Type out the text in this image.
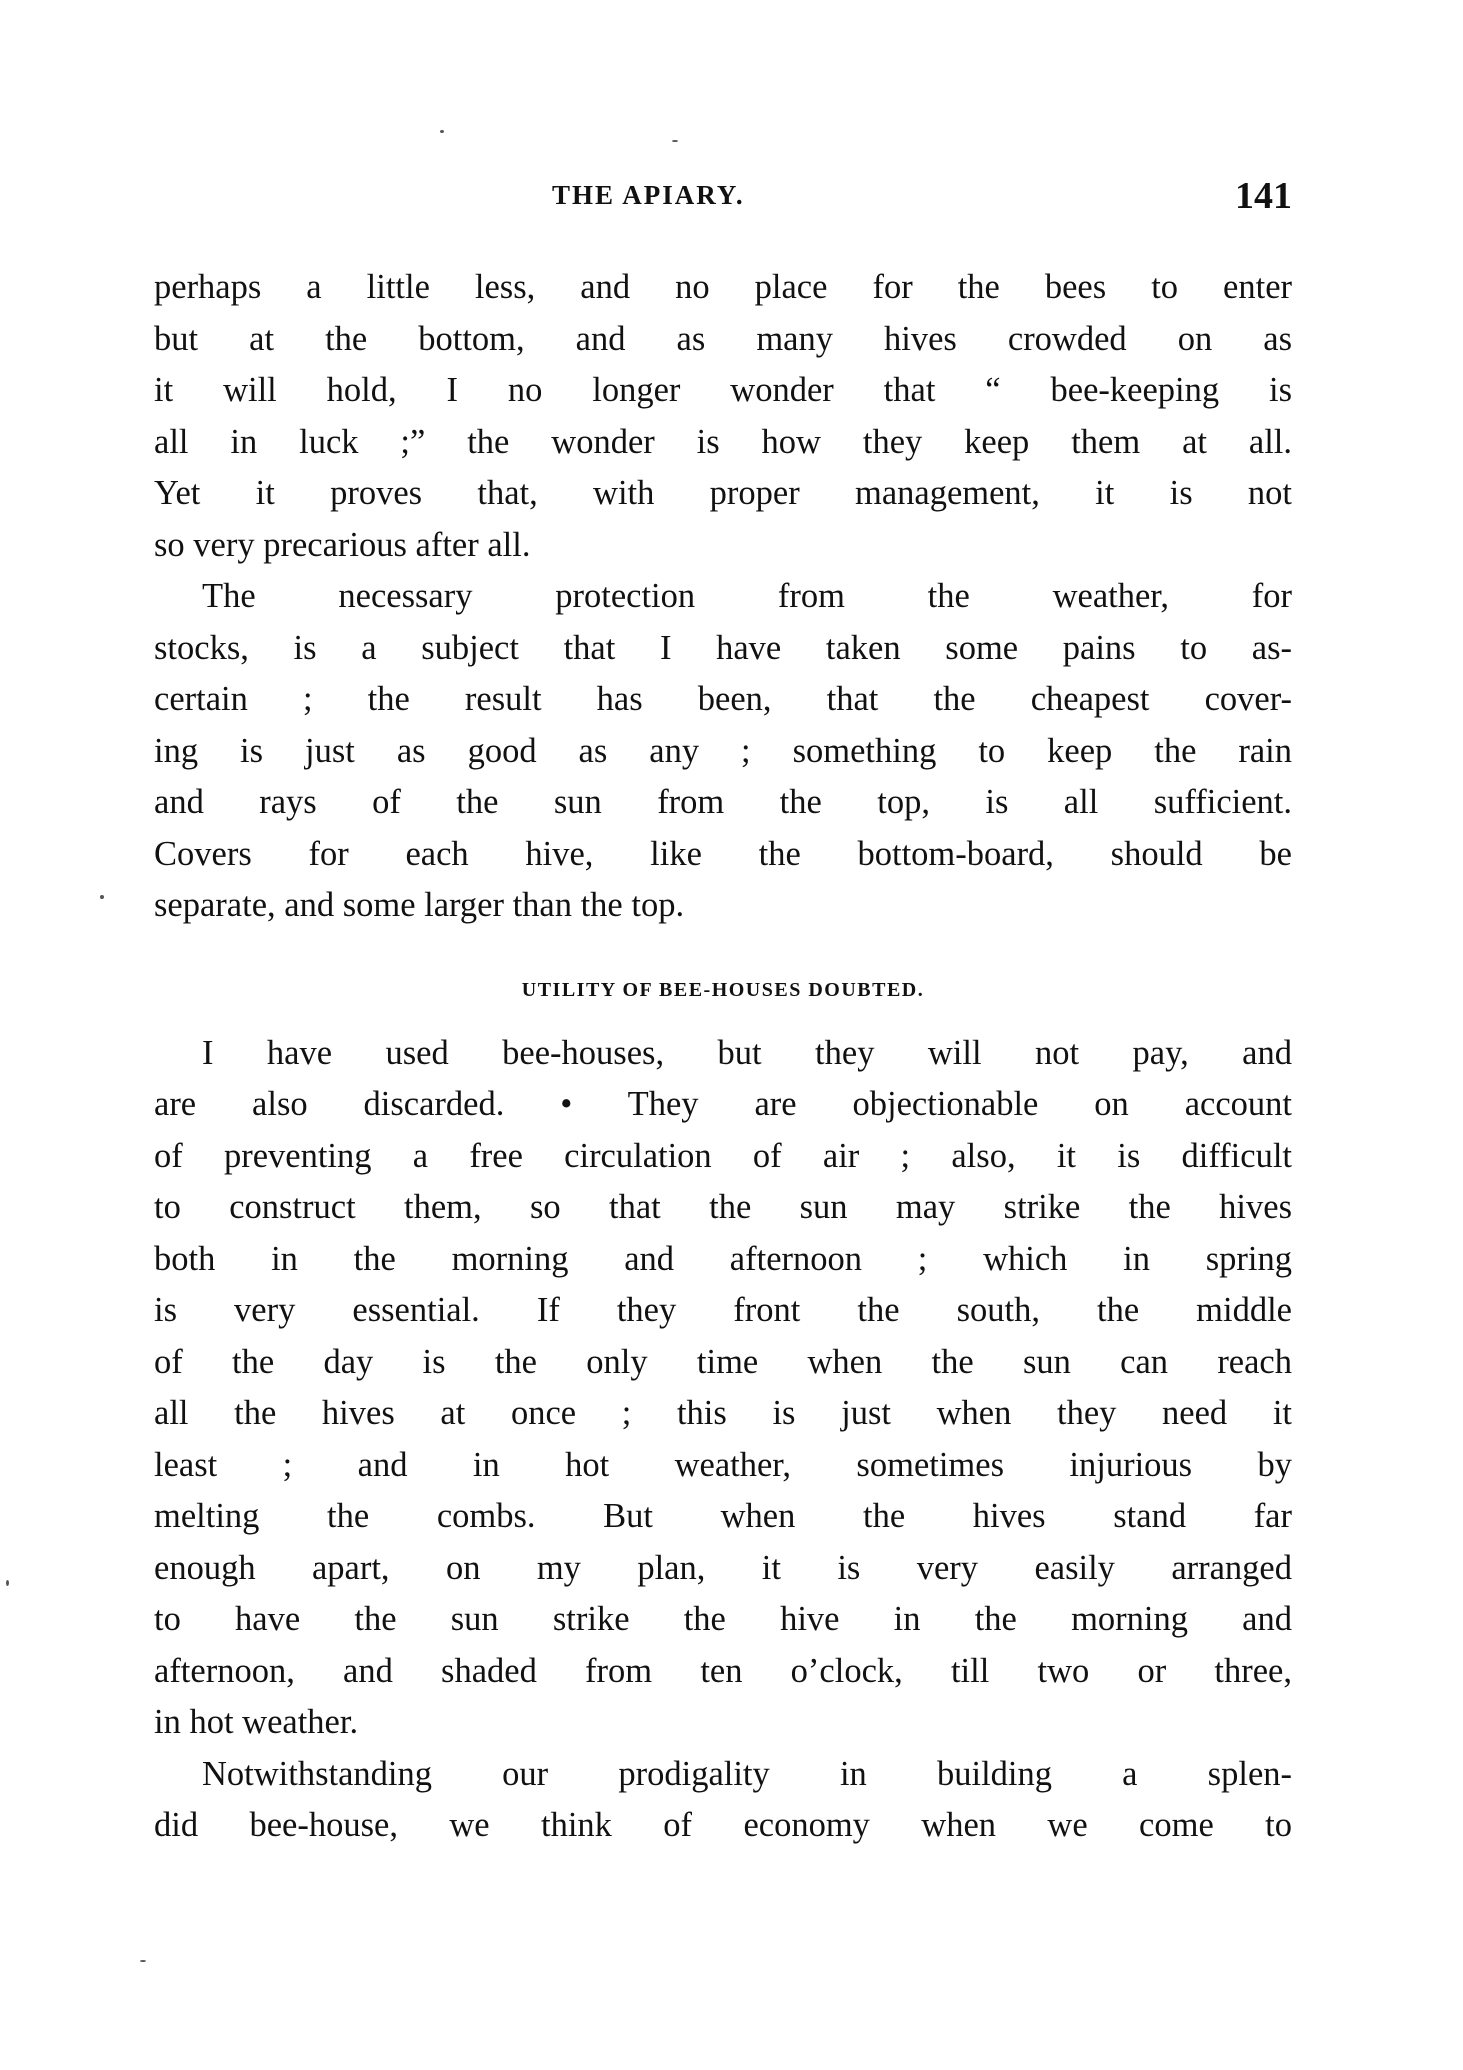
THE APIARY.	141
perhaps a little less, and no place for the bees to enter
but at the bottom, and as many hives crowded on as
it will hold, I no longer wonder that “ bee-keeping is
all in luck ;” the wonder is how they keep them at all.
Yet it proves that, with proper management, it is not
so very precarious after all.
The necessary protection from the weather, for
stocks, is a subject that I have taken some pains to as-
certain ; the result has been, that the cheapest cover-
ing is just as good as any ; something to keep the rain
and rays of the sun from the top, is all sufficient.
Covers for each hive, like the bottom-board, should be
separate, and some larger than the top.
UTILITY OF BEE-HOUSES DOUBTED.
I have used bee-houses, but they will not pay, and
are also discarded. • They are objectionable on account
of preventing a free circulation of air ; also, it is difficult
to construct them, so that the sun may strike the hives
both in the morning and afternoon ; which in spring
is very essential. If they front the south, the middle
of the day is the only time when the sun can reach
all the hives at once ; this is just when they need it
least ; and in hot weather, sometimes injurious by
melting the combs. But when the hives stand far
enough apart, on my plan, it is very easily arranged
to have the sun strike the hive in the morning and
afternoon, and shaded from ten o’clock, till two or three,
in hot weather.
Notwithstanding our prodigality in building a splen-
did bee-house, we think of economy when we come to
